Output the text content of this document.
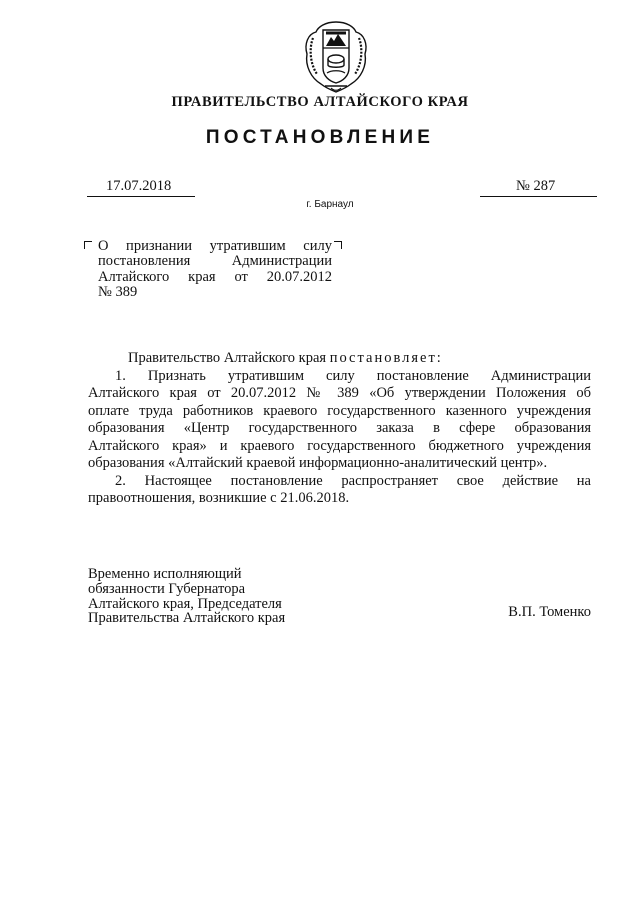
ПРАВИТЕЛЬСТВО АЛТАЙСКОГО КРАЯ
ПОСТАНОВЛЕНИЕ
17.07.2018	№ 287
г. Барнаул
О признании утратившим силу
постановления Администрации
Алтайского края от 20.07.2012
№ 389

Правительство Алтайского края постановляет:

1. Признать утратившим силу постановление Администрации
Алтайского края от 20.07.2012 № 389 «Об утверждении Положения об
оплате труда работников краевого государственного казенного учреждения
образования «Центр государственного заказа в сфере образования
Алтайского края» и краевого государственного бюджетного учреждения
образования «Алтайский краевой информационно-аналитический центр».

2. Настоящее постановление распространяет свое действие на
правоотношения, возникшие с 21.06.2018.

Временно исполняющий
обязанности Губернатора
Алтайского края, Председателя
Правительства Алтайского края	В.П. Томенко
